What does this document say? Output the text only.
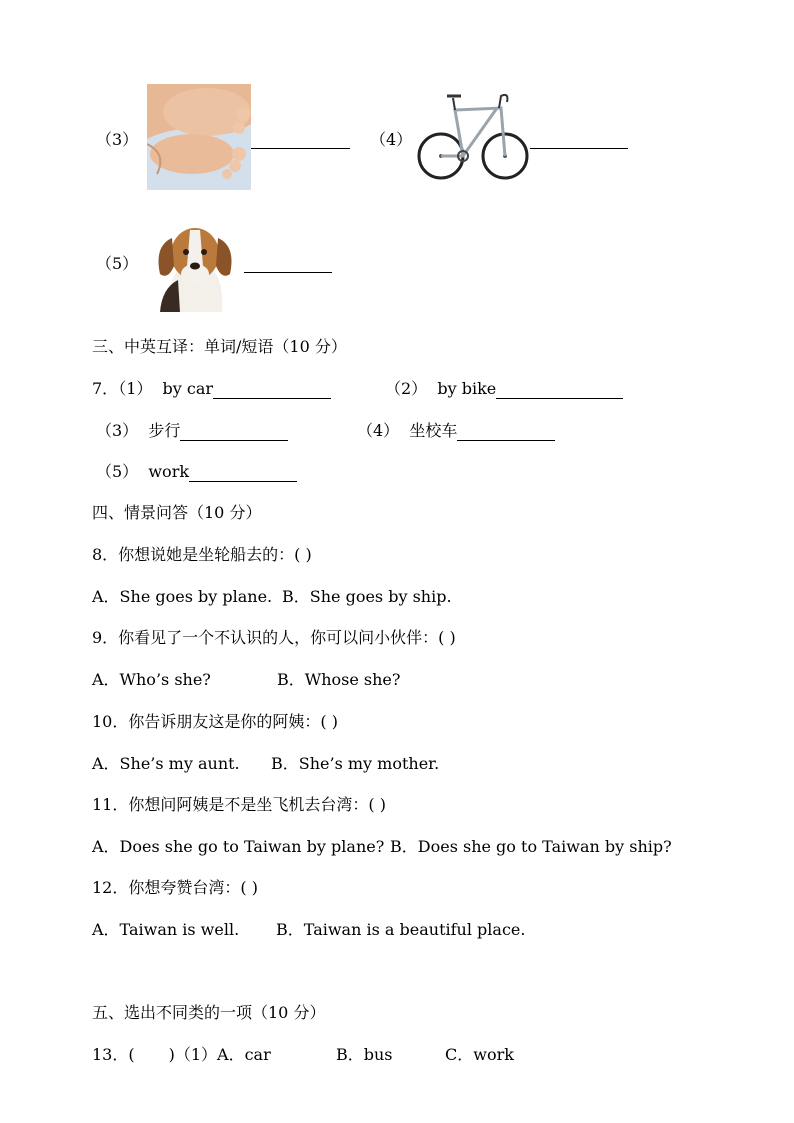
（3）	（4）
（5）
三、中英互译：单词/短语（10 分）
7．（1） by car	（2） by bike
（3） 步行	（4） 坐校车
（5） work
四、情景问答（10 分）
8．你想说她是坐轮船去的：( )
A．She goes by plane. B．She goes by ship.
9．你看见了一个不认识的人，你可以问小伙伴：( )
A．Who’s she?	B．Whose she?
10．你告诉朋友这是你的阿姨：( )
A．She’s my aunt. B．She’s my mother.
11．你想问阿姨是不是坐飞机去台湾：( )
A．Does she go to Taiwan by plane? B．Does she go to Taiwan by ship?
12．你想夸赞台湾：( )
A．Taiwan is well. B．Taiwan is a beautiful place.
五、选出不同类的一项（10 分）
13．( )（1）A．car	B．bus	C．work
